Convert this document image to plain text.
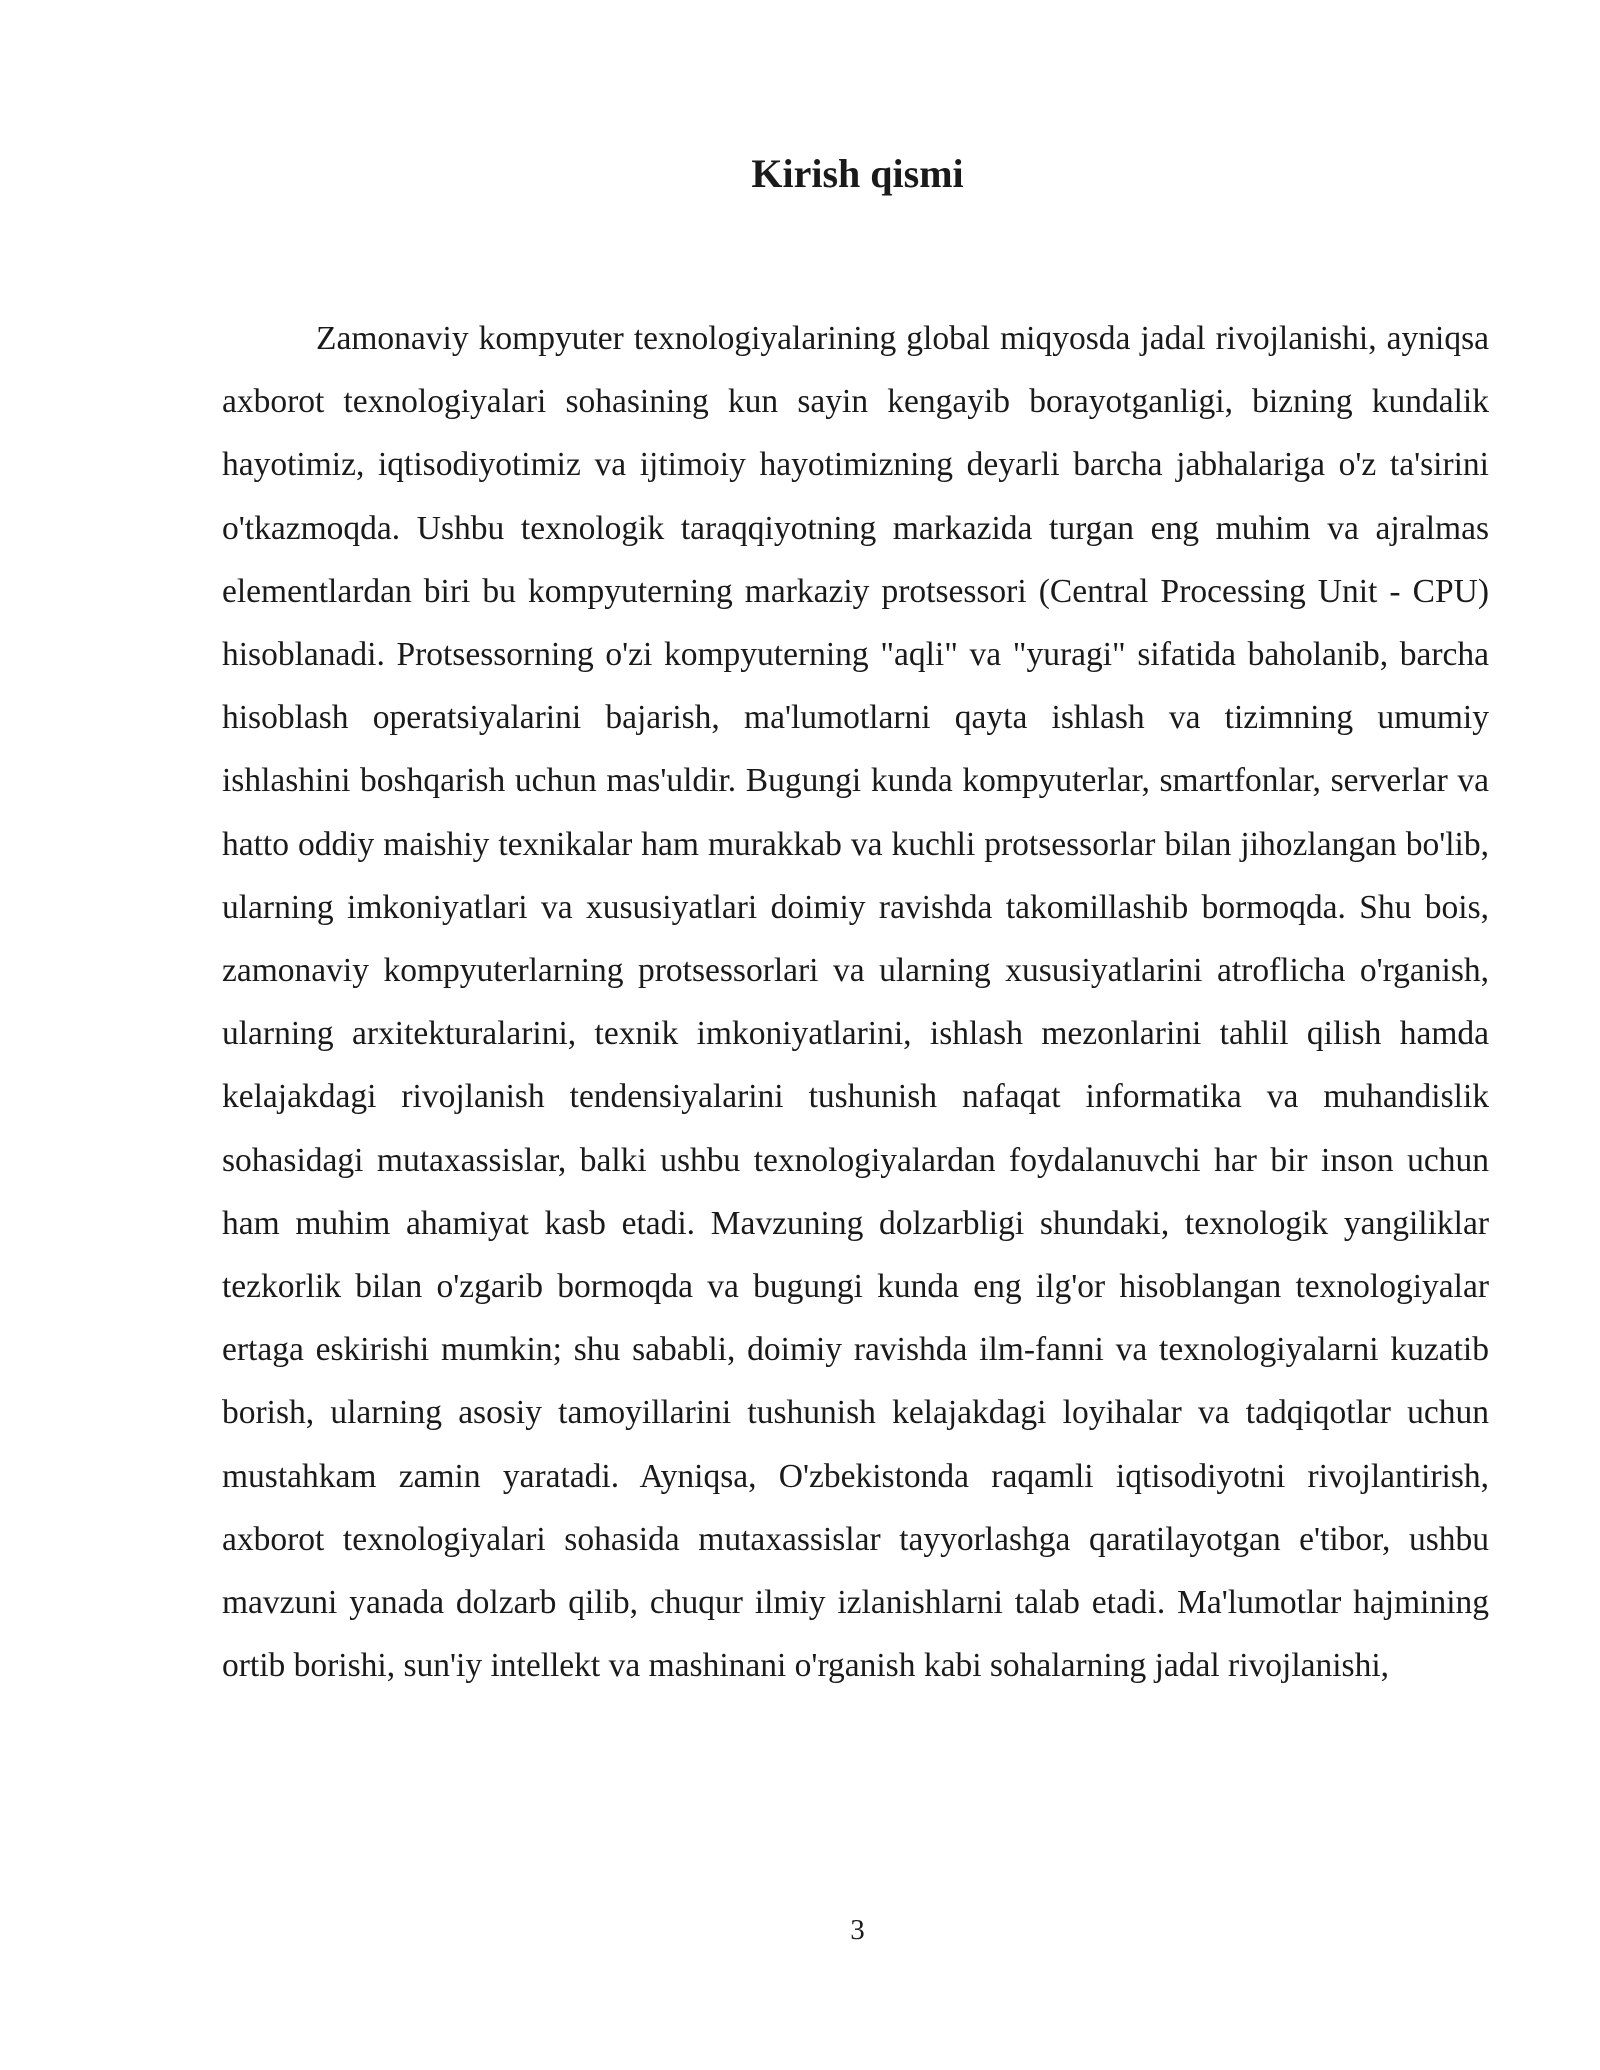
Kirish qismi

Zamonaviy kompyuter texnologiyalarining global miqyosda jadal rivojlanishi, ayniqsa axborot texnologiyalari sohasining kun sayin kengayib borayotganligi, bizning kundalik hayotimiz, iqtisodiyotimiz va ijtimoiy hayotimizning deyarli barcha jabhalariga o'z ta'sirini o'tkazmoqda. Ushbu texnologik taraqqiyotning markazida turgan eng muhim va ajralmas elementlardan biri bu kompyuterning markaziy protsessori (Central Processing Unit - CPU) hisoblanadi. Protsessorning o'zi kompyuterning "aqli" va "yuragi" sifatida baholanib, barcha hisoblash operatsiyalarini bajarish, ma'lumotlarni qayta ishlash va tizimning umumiy ishlashini boshqarish uchun mas'uldir. Bugungi kunda kompyuterlar, smartfonlar, serverlar va hatto oddiy maishiy texnikalar ham murakkab va kuchli protsessorlar bilan jihozlangan bo'lib, ularning imkoniyatlari va xususiyatlari doimiy ravishda takomillashib bormoqda. Shu bois, zamonaviy kompyuterlarning protsessorlari va ularning xususiyatlarini atroflicha o'rganish, ularning arxitekturalarini, texnik imkoniyatlarini, ishlash mezonlarini tahlil qilish hamda kelajakdagi rivojlanish tendensiyalarini tushunish nafaqat informatika va muhandislik sohasidagi mutaxassislar, balki ushbu texnologiyalardan foydalanuvchi har bir inson uchun ham muhim ahamiyat kasb etadi. Mavzuning dolzarbligi shundaki, texnologik yangiliklar tezkorlik bilan o'zgarib bormoqda va bugungi kunda eng ilg'or hisoblangan texnologiyalar ertaga eskirishi mumkin; shu sababli, doimiy ravishda ilm-fanni va texnologiyalarni kuzatib borish, ularning asosiy tamoyillarini tushunish kelajakdagi loyihalar va tadqiqotlar uchun mustahkam zamin yaratadi. Ayniqsa, O'zbekistonda raqamli iqtisodiyotni rivojlantirish, axborot texnologiyalari sohasida mutaxassislar tayyorlashga qaratilayotgan e'tibor, ushbu mavzuni yanada dolzarb qilib, chuqur ilmiy izlanishlarni talab etadi. Ma'lumotlar hajmining ortib borishi, sun'iy intellekt va mashinani o'rganish kabi sohalarning jadal rivojlanishi,

3
